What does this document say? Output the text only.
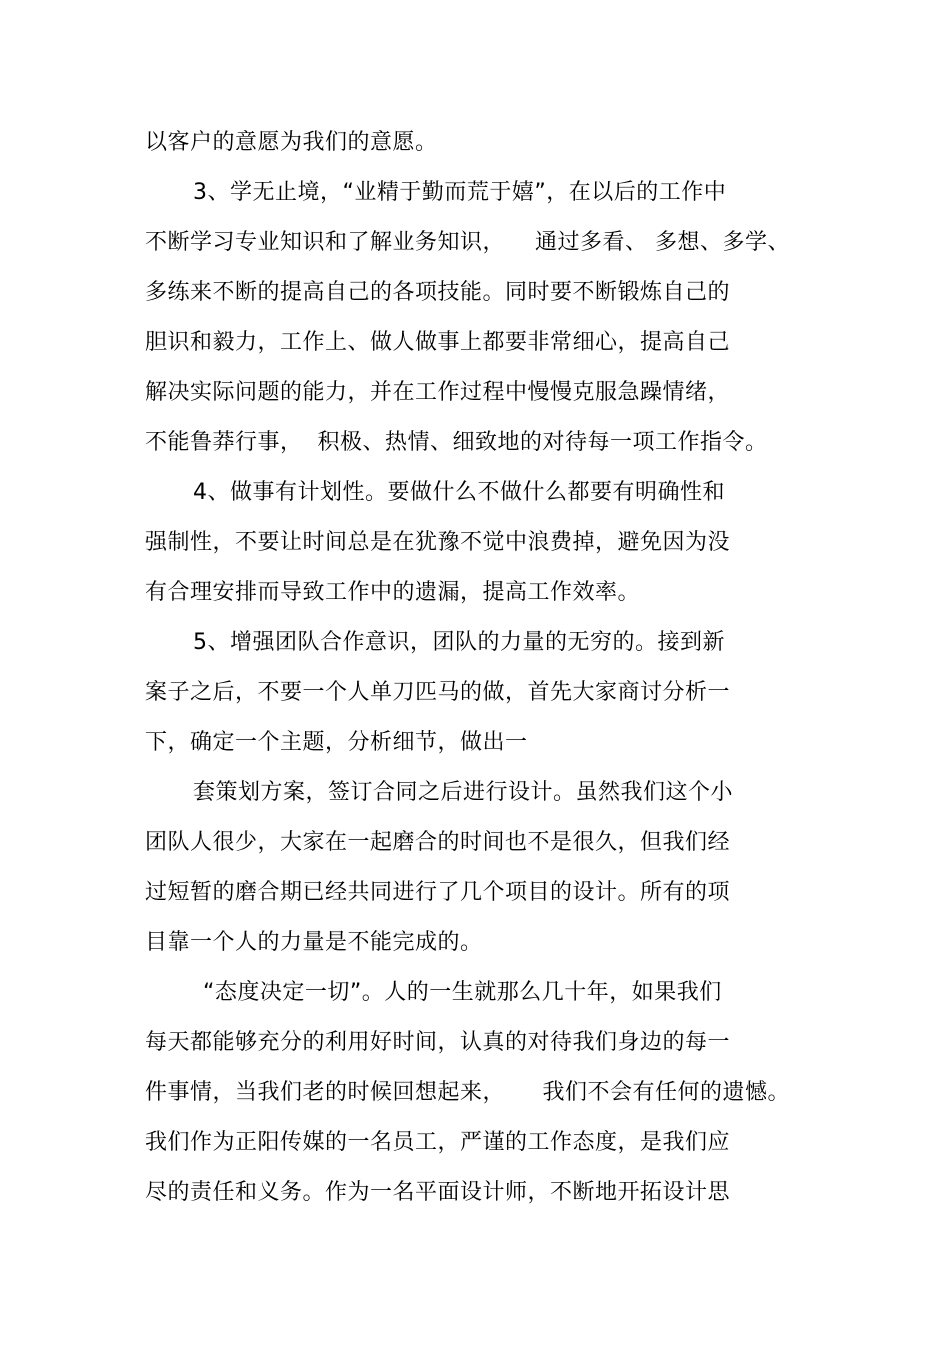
以客户的意愿为我们的意愿。
3、学无止境，“业精于勤而荒于嬉”，在以后的工作中
不断学习专业知识和了解业务知识，    通过多看、 多想、多学、
多练来不断的提高自己的各项技能。同时要不断锻炼自己的
胆识和毅力，工作上、做人做事上都要非常细心，提高自己
解决实际问题的能力，并在工作过程中慢慢克服急躁情绪，
不能鲁莽行事，  积极、热情、细致地的对待每一项工作指令。
4、做事有计划性。要做什么不做什么都要有明确性和
强制性，不要让时间总是在犹豫不觉中浪费掉，避免因为没
有合理安排而导致工作中的遗漏，提高工作效率。
5、增强团队合作意识，团队的力量的无穷的。接到新
案子之后，不要一个人单刀匹马的做，首先大家商讨分析一
下，确定一个主题，分析细节，做出一
套策划方案，签订合同之后进行设计。虽然我们这个小
团队人很少，大家在一起磨合的时间也不是很久，但我们经
过短暂的磨合期已经共同进行了几个项目的设计。所有的项
目靠一个人的力量是不能完成的。
“态度决定一切”。人的一生就那么几十年，如果我们
每天都能够充分的利用好时间，认真的对待我们身边的每一
件事情，当我们老的时候回想起来，     我们不会有任何的遗憾。
我们作为正阳传媒的一名员工，严谨的工作态度，是我们应
尽的责任和义务。作为一名平面设计师，不断地开拓设计思
